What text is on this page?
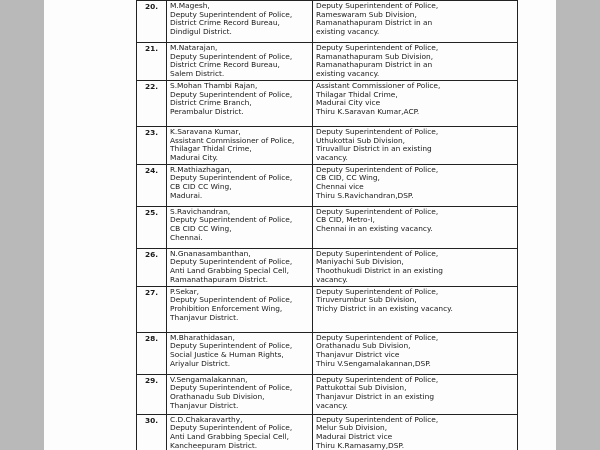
20.	M.Magesh,
Deputy Superintendent of Police,
District Crime Record Bureau,
Dindigul District.	Deputy Superintendent of Police,
Rameswaram Sub Division,
Ramanathapuram District in an
existing vacancy.

21.	M.Natarajan,
Deputy Superintendent of Police,
District Crime Record Bureau,
Salem District.	Deputy Superintendent of Police,
Ramanathapuram Sub Division,
Ramanathapuram District in an
existing vacancy.

22.	S.Mohan Thambi Rajan,
Deputy Superintendent of Police,
District Crime Branch,
Perambalur District.	Assistant Commissioner of Police,
Thilagar Thidal Crime,
Madurai City vice
Thiru K.Saravan Kumar,ACP.

23.	K.Saravana Kumar,
Assistant Commissioner of Police,
Thilagar Thidal Crime,
Madurai City.	Deputy Superintendent of Police,
Uthukottai Sub Division,
Tiruvallur District in an existing
vacancy.

24.	R.Mathiazhagan,
Deputy Superintendent of Police,
CB CID CC Wing,
Madurai.	Deputy Superintendent of Police,
CB CID, CC Wing,
Chennai vice
Thiru S.Ravichandran,DSP.

25.	S.Ravichandran,
Deputy Superintendent of Police,
CB CID CC Wing,
Chennai.	Deputy Superintendent of Police,
CB CID, Metro-I,
Chennai in an existing vacancy.

26.	N.Gnanasambanthan,
Deputy Superintendent of Police,
Anti Land Grabbing Special Cell,
Ramanathapuram District.	Deputy Superintendent of Police,
Maniyachi Sub Division,
Thoothukudi District in an existing
vacancy.

27.	P.Sekar,
Deputy Superintendent of Police,
Prohibition Enforcement Wing,
Thanjavur District.	Deputy Superintendent of Police,
Tiruverumbur Sub Division,
Trichy District in an existing vacancy.

28.	M.Bharathidasan,
Deputy Superintendent of Police,
Social Justice & Human Rights,
Ariyalur District.	Deputy Superintendent of Police,
Orathanadu Sub Division,
Thanjavur District vice
Thiru V.Sengamalakannan,DSP.

29.	V.Sengamalakannan,
Deputy Superintendent of Police,
Orathanadu Sub Division,
Thanjavur District.	Deputy Superintendent of Police,
Pattukottai Sub Division,
Thanjavur District in an existing
vacancy.

30.	C.D.Chakaravarthy,
Deputy Superintendent of Police,
Anti Land Grabbing Special Cell,
Kancheepuram District.	Deputy Superintendent of Police,
Melur Sub Division,
Madurai District vice
Thiru K.Ramasamy,DSP.
